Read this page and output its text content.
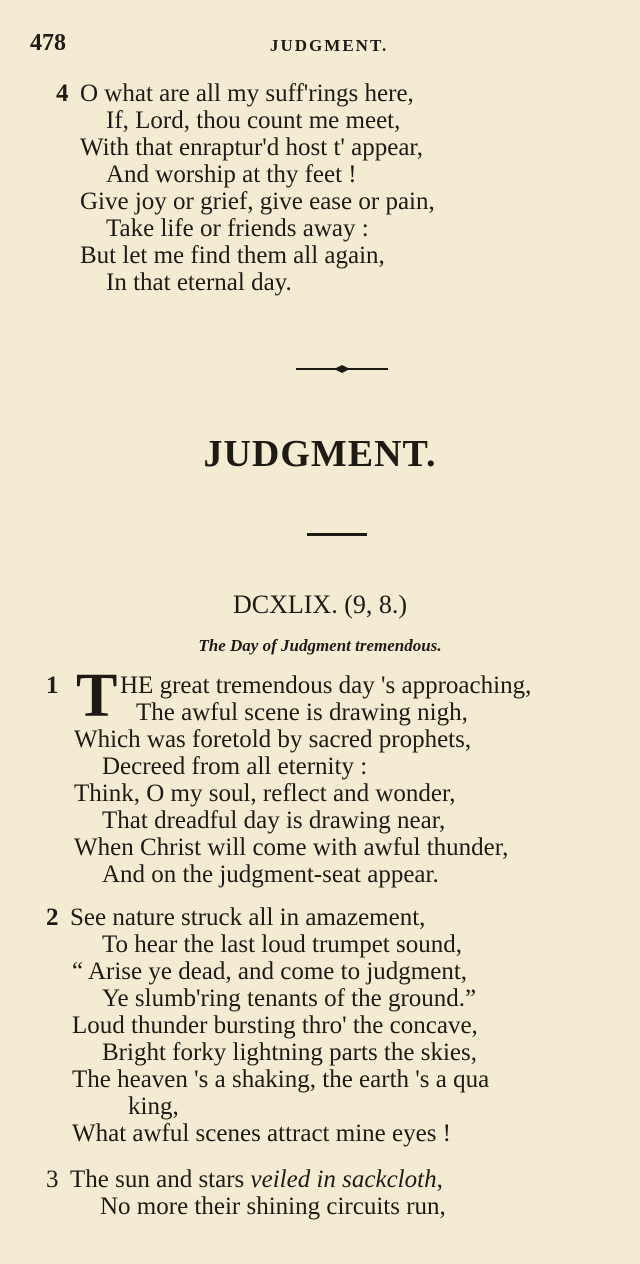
478	JUDGMENT.
4 O what are all my suff'rings here,
If, Lord, thou count me meet,
With that enraptur'd host t' appear,
And worship at thy feet !
Give joy or grief, give ease or pain,
Take life or friends away :
But let me find them all again,
In that eternal day.
JUDGMENT.
DCXLIX. (9, 8.)
The Day of Judgment tremendous.
1 T HE great tremendous day 's approaching,
The awful scene is drawing nigh,
Which was foretold by sacred prophets,
Decreed from all eternity :
Think, O my soul, reflect and wonder,
That dreadful day is drawing near,
When Christ will come with awful thunder,
And on the judgment-seat appear.
2 See nature struck all in amazement,
To hear the last loud trumpet sound,
“ Arise ye dead, and come to judgment,
Ye slumb'ring tenants of the ground.”
Loud thunder bursting thro' the concave,
Bright forky lightning parts the skies,
The heaven 's a shaking, the earth 's a qua
king,
What awful scenes attract mine eyes !
3 The sun and stars veiled in sackcloth,
No more their shining circuits run,
